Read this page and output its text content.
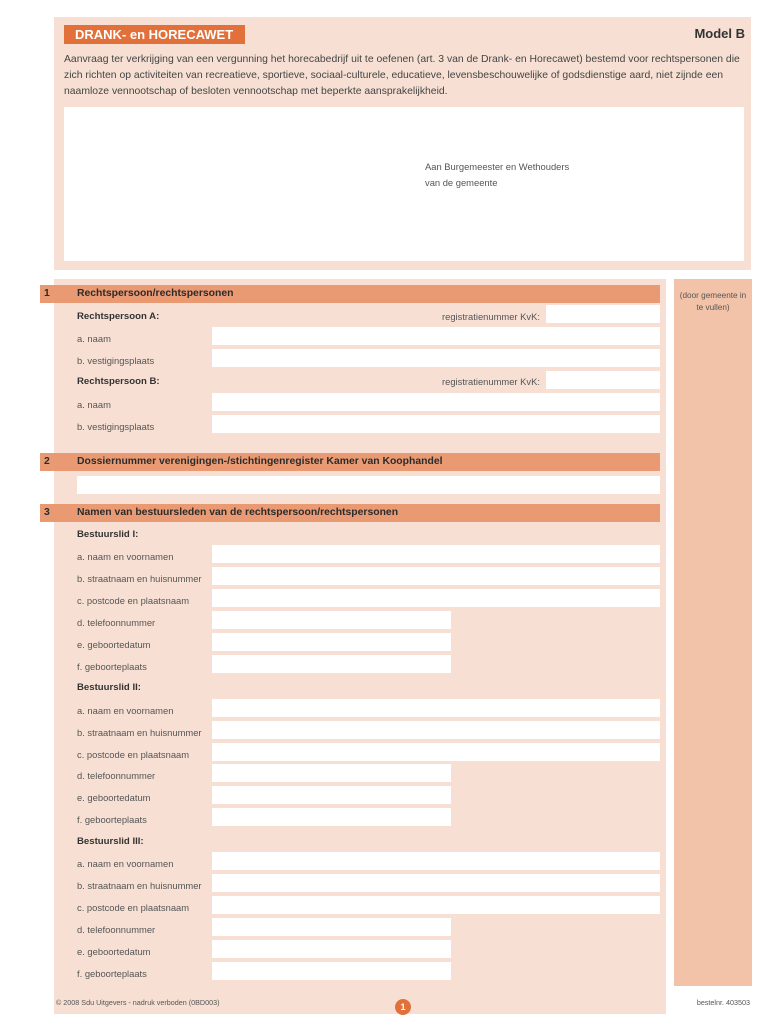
DRANK- en HORECAWET	Model B
Aanvraag ter verkrijging van een vergunning het horecabedrijf uit te oefenen (art. 3 van de Drank- en Horecawet) bestemd voor rechtspersonen die zich richten op activiteiten van recreatieve, sportieve, sociaal-culturele, educatieve, levensbeschouwelijke of godsdienstige aard, niet zijnde een naamloze vennootschap of besloten vennootschap met beperkte aansprakelijkheid.
Aan Burgemeester en Wethouders
van de gemeente
(door gemeente in te vullen)
1	Rechtspersoon/rechtspersonen
Rechtspersoon A:	registratienummer KvK:
a. naam
b. vestigingsplaats
Rechtspersoon B:	registratienummer KvK:
a. naam
b. vestigingsplaats
2	Dossiernummer verenigingen-/stichtingenregister Kamer van Koophandel
3	Namen van bestuursleden van de rechtspersoon/rechtspersonen
Bestuurslid I:
a. naam en voornamen
b. straatnaam en huisnummer
c. postcode en plaatsnaam
d. telefoonnummer
e. geboortedatum
f. geboorteplaats
Bestuurslid II:
a. naam en voornamen
b. straatnaam en huisnummer
c. postcode en plaatsnaam
d. telefoonnummer
e. geboortedatum
f. geboorteplaats
Bestuurslid III:
a. naam en voornamen
b. straatnaam en huisnummer
c. postcode en plaatsnaam
d. telefoonnummer
e. geboortedatum
f. geboorteplaats
© 2008 Sdu Uitgevers - nadruk verboden (0BD003)	1	bestelnr. 403503
